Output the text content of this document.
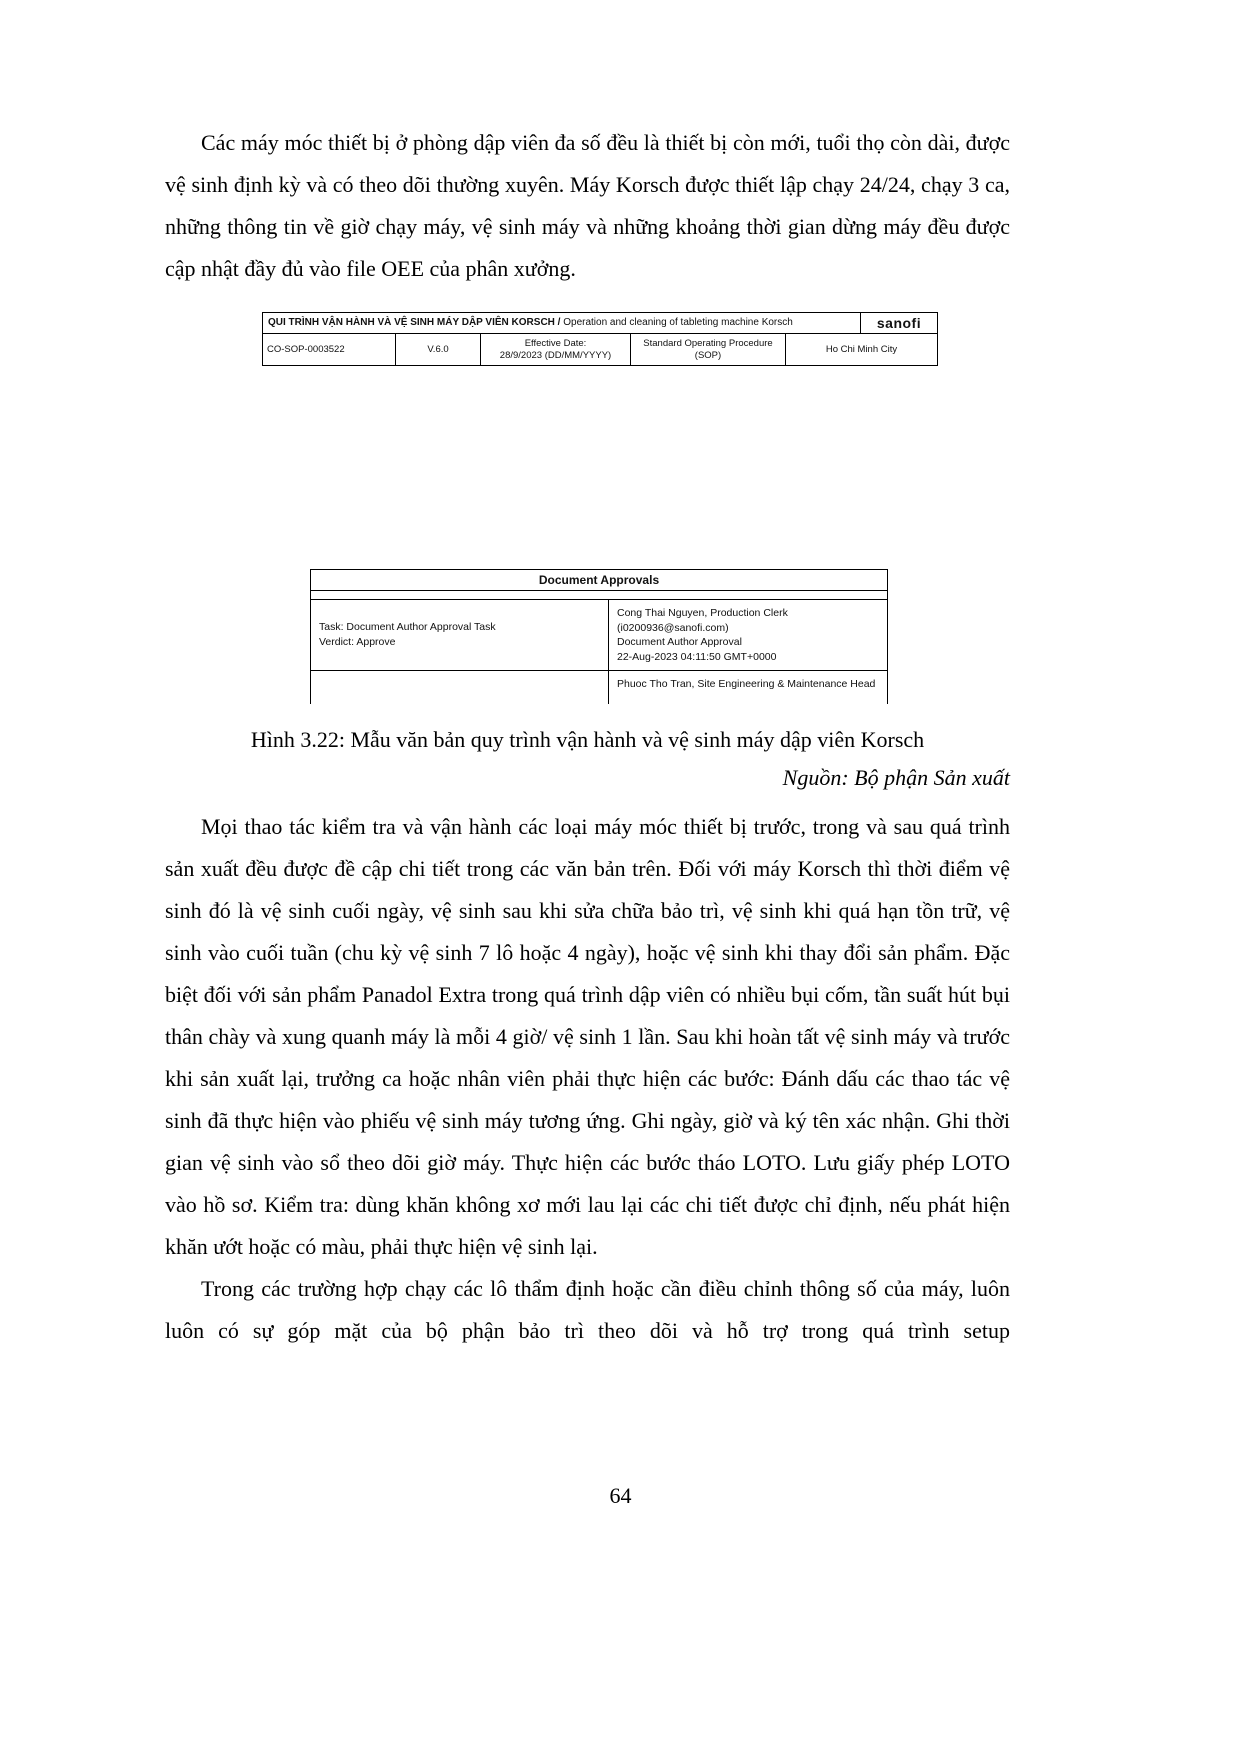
Các máy móc thiết bị ở phòng dập viên đa số đều là thiết bị còn mới, tuổi thọ còn dài, được vệ sinh định kỳ và có theo dõi thường xuyên. Máy Korsch được thiết lập chạy 24/24, chạy 3 ca, những thông tin về giờ chạy máy, vệ sinh máy và những khoảng thời gian dừng máy đều được cập nhật đầy đủ vào file OEE của phân xưởng.

QUI TRÌNH VẬN HÀNH VÀ VỆ SINH MÁY DẬP VIÊN KORSCH / Operation and cleaning of tableting machine Korsch	sanofi
CO-SOP-0003522	V.6.0
Effective Date:
28/9/2023 (DD/MM/YYYY)
Standard Operating Procedure
(SOP)
Ho Chi Minh City
Document Approvals
Task: Document Author Approval Task
Verdict: Approve
Cong Thai Nguyen, Production Clerk
(i0200936@sanofi.com)
Document Author Approval
22-Aug-2023 04:11:50 GMT+0000
Phuoc Tho Tran, Site Engineering & Maintenance Head
Hình 3.22: Mẫu văn bản quy trình vận hành và vệ sinh máy dập viên Korsch
Nguồn: Bộ phận Sản xuất

Mọi thao tác kiểm tra và vận hành các loại máy móc thiết bị trước, trong và sau quá trình sản xuất đều được đề cập chi tiết trong các văn bản trên. Đối với máy Korsch thì thời điểm vệ sinh đó là vệ sinh cuối ngày, vệ sinh sau khi sửa chữa bảo trì, vệ sinh khi quá hạn tồn trữ, vệ sinh vào cuối tuần (chu kỳ vệ sinh 7 lô hoặc 4 ngày), hoặc vệ sinh khi thay đổi sản phẩm. Đặc biệt đối với sản phẩm Panadol Extra trong quá trình dập viên có nhiều bụi cốm, tần suất hút bụi thân chày và xung quanh máy là mỗi 4 giờ/ vệ sinh 1 lần. Sau khi hoàn tất vệ sinh máy và trước khi sản xuất lại, trưởng ca hoặc nhân viên phải thực hiện các bước: Đánh dấu các thao tác vệ sinh đã thực hiện vào phiếu vệ sinh máy tương ứng. Ghi ngày, giờ và ký tên xác nhận. Ghi thời gian vệ sinh vào sổ theo dõi giờ máy. Thực hiện các bước tháo LOTO. Lưu giấy phép LOTO vào hồ sơ. Kiểm tra: dùng khăn không xơ mới lau lại các chi tiết được chỉ định, nếu phát hiện khăn ướt hoặc có màu, phải thực hiện vệ sinh lại.

Trong các trường hợp chạy các lô thẩm định hoặc cần điều chỉnh thông số của máy, luôn luôn có sự góp mặt của bộ phận bảo trì theo dõi và hỗ trợ trong quá trình setup

64
